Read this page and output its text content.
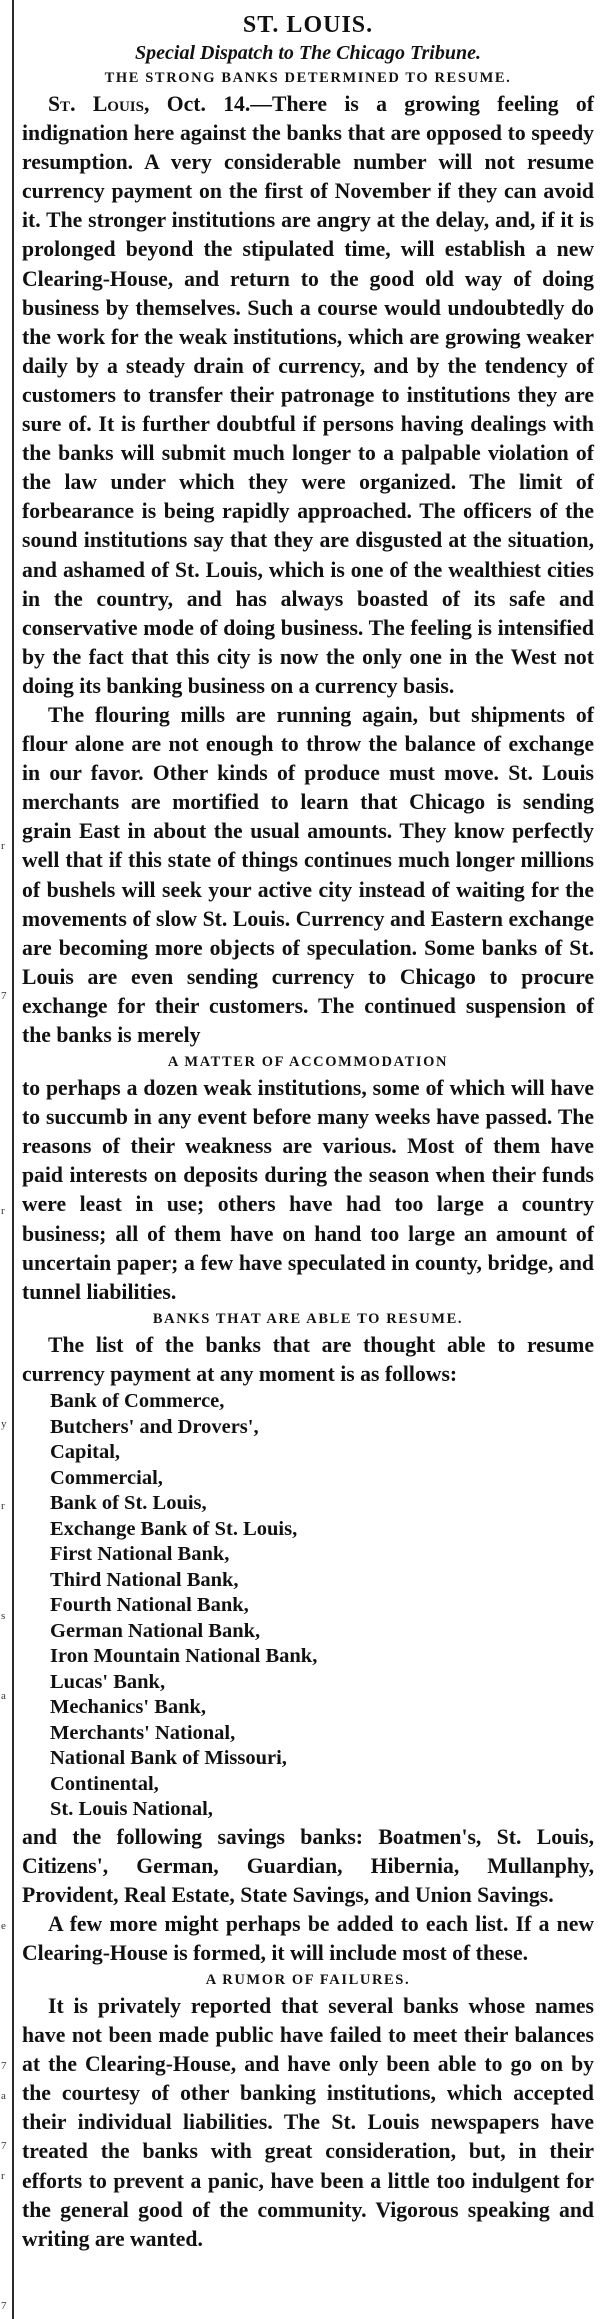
r
7
r
y
r
s
a
e
7
a
7
r
7
ST. LOUIS.
Special Dispatch to The Chicago Tribune.
THE STRONG BANKS DETERMINED TO RESUME.

St. Louis, Oct. 14.—There is a growing feeling of indignation here against the banks that are opposed to speedy resumption. A very considerable number will not resume currency payment on the first of November if they can avoid it. The stronger institutions are angry at the delay, and, if it is prolonged beyond the stipulated time, will establish a new Clearing-House, and return to the good old way of doing business by themselves. Such a course would undoubtedly do the work for the weak institutions, which are growing weaker daily by a steady drain of currency, and by the tendency of customers to transfer their patronage to institutions they are sure of. It is further doubtful if persons having dealings with the banks will submit much longer to a palpable violation of the law under which they were organized. The limit of forbearance is being rapidly approached. The officers of the sound institutions say that they are disgusted at the situation, and ashamed of St. Louis, which is one of the wealthiest cities in the country, and has always boasted of its safe and conservative mode of doing business. The feeling is intensified by the fact that this city is now the only one in the West not doing its banking business on a currency basis.

The flouring mills are running again, but shipments of flour alone are not enough to throw the balance of exchange in our favor. Other kinds of produce must move. St. Louis merchants are mortified to learn that Chicago is sending grain East in about the usual amounts. They know perfectly well that if this state of things continues much longer millions of bushels will seek your active city instead of waiting for the movements of slow St. Louis. Currency and Eastern exchange are becoming more objects of speculation. Some banks of St. Louis are even sending currency to Chicago to procure exchange for their customers. The continued suspension of the banks is merely

A MATTER OF ACCOMMODATION

to perhaps a dozen weak institutions, some of which will have to succumb in any event before many weeks have passed. The reasons of their weakness are various. Most of them have paid interests on deposits during the season when their funds were least in use; others have had too large a country business; all of them have on hand too large an amount of uncertain paper; a few have speculated in county, bridge, and tunnel liabilities.

BANKS THAT ARE ABLE TO RESUME.

The list of the banks that are thought able to resume currency payment at any moment is as follows:

Bank of Commerce,
Butchers' and Drovers',
Capital,
Commercial,
Bank of St. Louis,
Exchange Bank of St. Louis,
First National Bank,
Third National Bank,
Fourth National Bank,
German National Bank,
Iron Mountain National Bank,
Lucas' Bank,
Mechanics' Bank,
Merchants' National,
National Bank of Missouri,
Continental,
St. Louis National,

and the following savings banks: Boatmen's, St. Louis, Citizens', German, Guardian, Hibernia, Mullanphy, Provident, Real Estate, State Savings, and Union Savings.

A few more might perhaps be added to each list. If a new Clearing-House is formed, it will include most of these.

A RUMOR OF FAILURES.

It is privately reported that several banks whose names have not been made public have failed to meet their balances at the Clearing-House, and have only been able to go on by the courtesy of other banking institutions, which accepted their individual liabilities. The St. Louis newspapers have treated the banks with great consideration, but, in their efforts to prevent a panic, have been a little too indulgent for the general good of the community. Vigorous speaking and writing are wanted.
